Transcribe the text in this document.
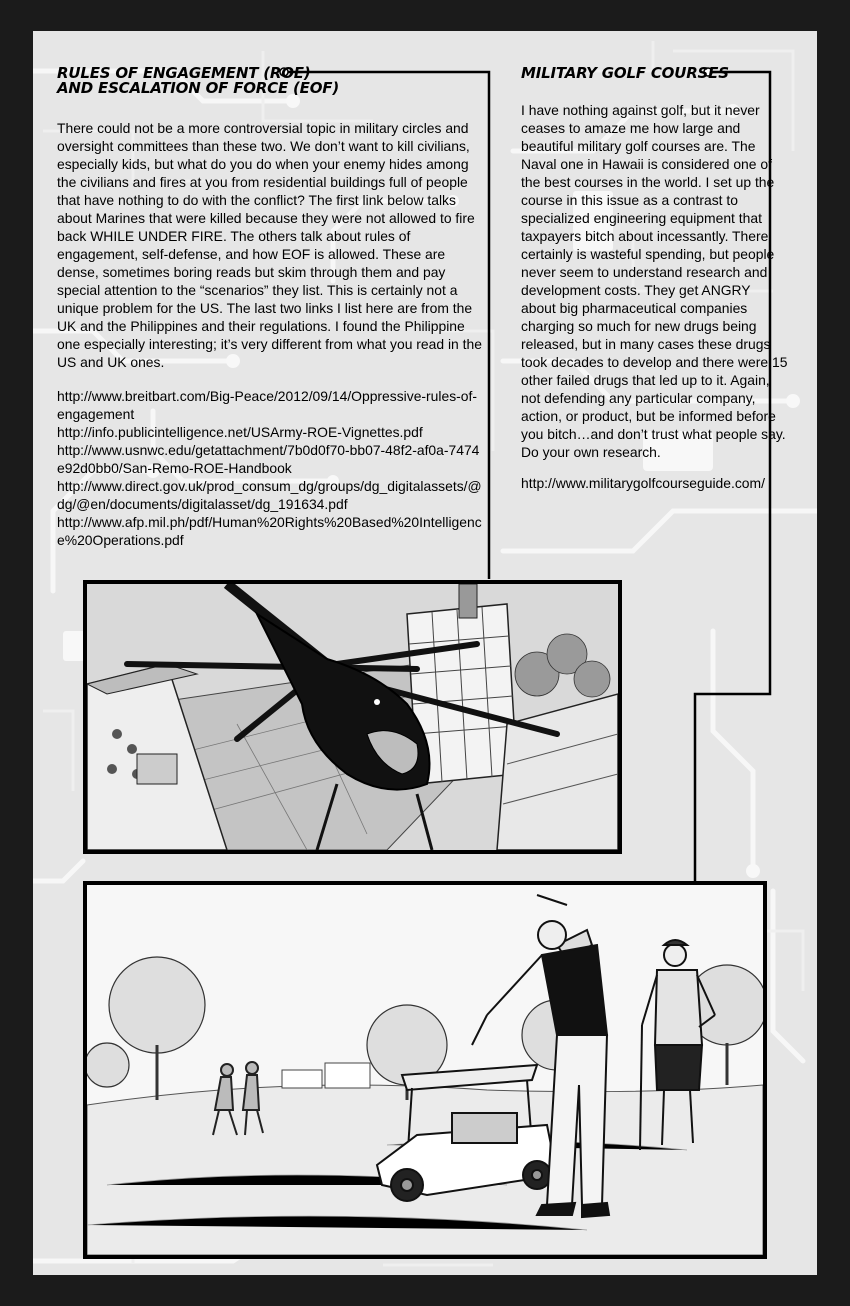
RULES OF ENGAGEMENT (ROE)
AND ESCALATION OF FORCE (EOF)

There could not be a more controversial topic in military circles and oversight committees than these two. We don’t want to kill civilians, especially kids, but what do you do when your enemy hides among the civilians and fires at you from residential buildings full of people that have nothing to do with the conflict? The first link below talks about Marines that were killed because they were not allowed to fire back WHILE UNDER FIRE. The others talk about rules of engagement, self-defense, and how EOF is allowed. These are dense, sometimes boring reads but skim through them and pay special attention to the “scenarios” they list. This is certainly not a unique problem for the US. The last two links I list here are from the UK and the Philippines and their regulations. I found the Philippine one especially interesting; it’s very different from what you read in the US and UK ones.

http://www.breitbart.com/Big-Peace/2012/09/14/Oppressive-rules-of-engagement
http://info.publicintelligence.net/USArmy-ROE-Vignettes.pdf
http://www.usnwc.edu/getattachment/7b0d0f70-bb07-48f2-af0a-7474e92d0bb0/San-Remo-ROE-Handbook
http://www.direct.gov.uk/prod_consum_dg/groups/dg_digitalassets/@dg/@en/documents/digitalasset/dg_191634.pdf
http://www.afp.mil.ph/pdf/Human%20Rights%20Based%20Intelligence%20Operations.pdf
MILITARY GOLF COURSES

I have nothing against golf, but it never ceases to amaze me how large and beautiful military golf courses are. The Naval one in Hawaii is considered one of the best courses in the world. I set up the course in this issue as a contrast to specialized engineering equipment that taxpayers bitch about incessantly. There certainly is wasteful spending, but people never seem to understand research and development costs. They get ANGRY about big pharmaceutical companies charging so much for new drugs being released, but in many cases these drugs took decades to develop and there were 15 other failed drugs that led up to it. Again, not defending any particular company, action, or product, but be informed before you bitch…and don’t trust what people say. Do your own research.

http://www.militarygolfcourseguide.com/
